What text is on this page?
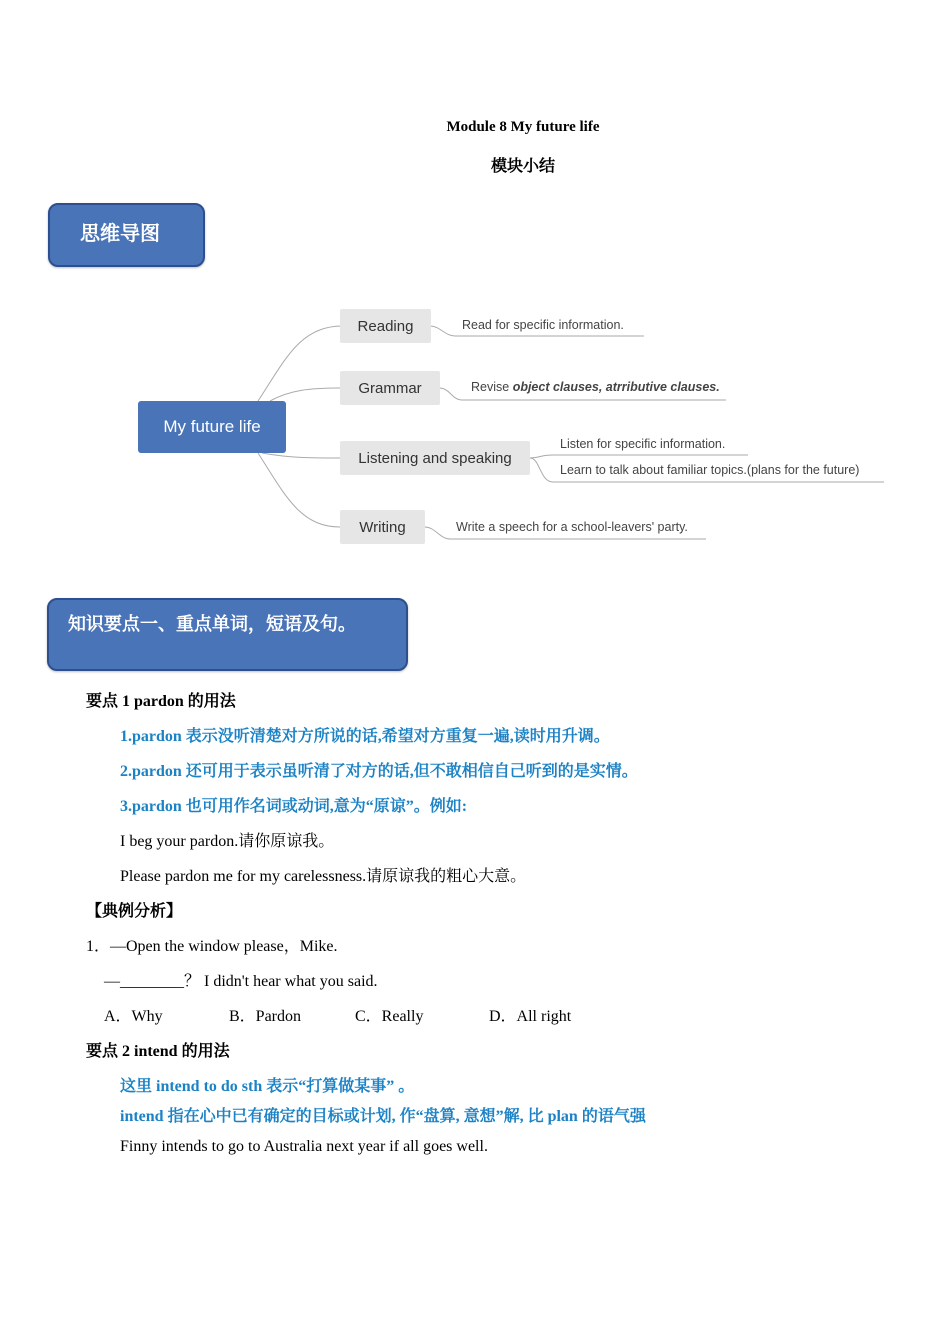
Module 8 My future life
模块小结
思维导图
My future life
Reading	Read for specific information.
Grammar	Revise object clauses, atrributive clauses.
Listening and speaking
Listen for specific information.
Learn to talk about familiar topics.(plans for the future)
Writing	Write a speech for a school-leavers' party.
知识要点一、重点单词，短语及句。
要点 1 pardon 的用法
1.pardon 表示没听清楚对方所说的话,希望对方重复一遍,读时用升调。
2.pardon 还可用于表示虽听清了对方的话,但不敢相信自己听到的是实情。
3.pardon 也可用作名词或动词,意为“原谅”。例如:
I beg your pardon.请你原谅我。
Please pardon me for my carelessness.请原谅我的粗心大意。
【典例分析】
1．—Open the window please，Mike.
—________？ I didn't hear what you said.
A．Why	B．Pardon	C．Really	D．All right
要点 2 intend 的用法
这里 intend to do sth 表示“打算做某事” 。
intend 指在心中已有确定的目标或计划, 作“盘算, 意想”解, 比 plan 的语气强
Finny intends to go to Australia next year if all goes well.
